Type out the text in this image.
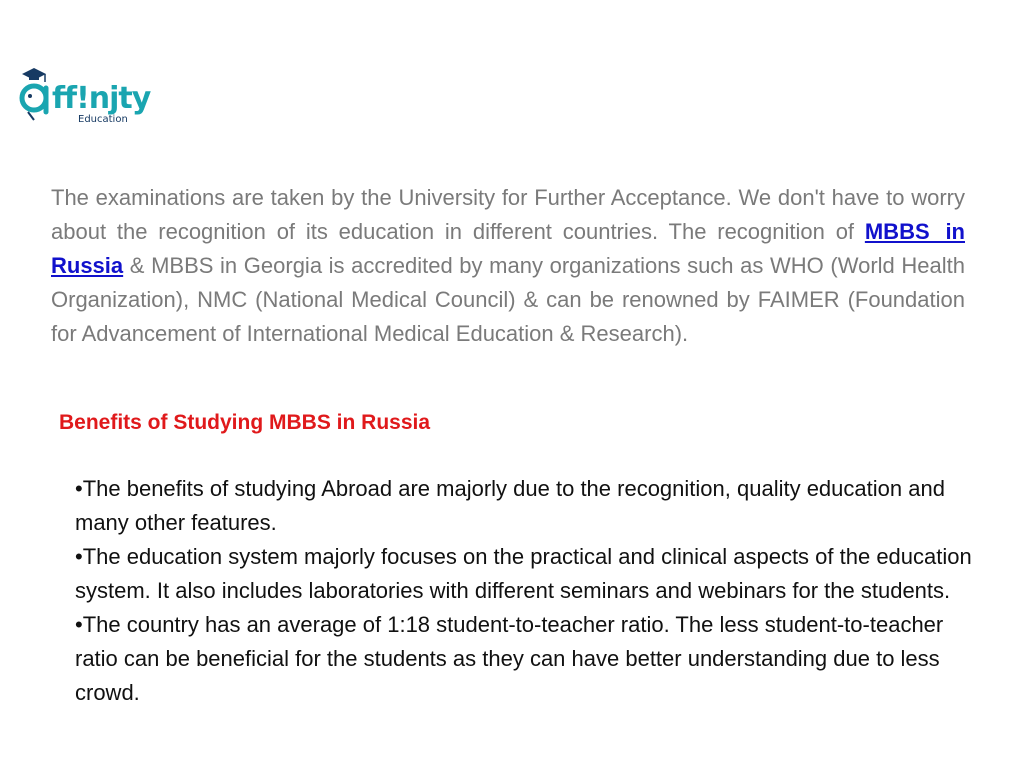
ff!njty
Education

The examinations are taken by the University for Further Acceptance. We don't have to worry about the recognition of its education in different countries. The recognition of MBBS in Russia & MBBS in Georgia is accredited by many organizations such as WHO (World Health Organization), NMC (National Medical Council) & can be renowned by FAIMER (Foundation for Advancement of International Medical Education & Research).

Benefits of Studying MBBS in Russia
•The benefits of studying Abroad are majorly due to the recognition, quality education and many other features.
•The education system majorly focuses on the practical and clinical aspects of the education system. It also includes laboratories with different seminars and webinars for the students.
•The country has an average of 1:18 student-to-teacher ratio. The less student-to-teacher ratio can be beneficial for the students as they can have better understanding due to less crowd.
